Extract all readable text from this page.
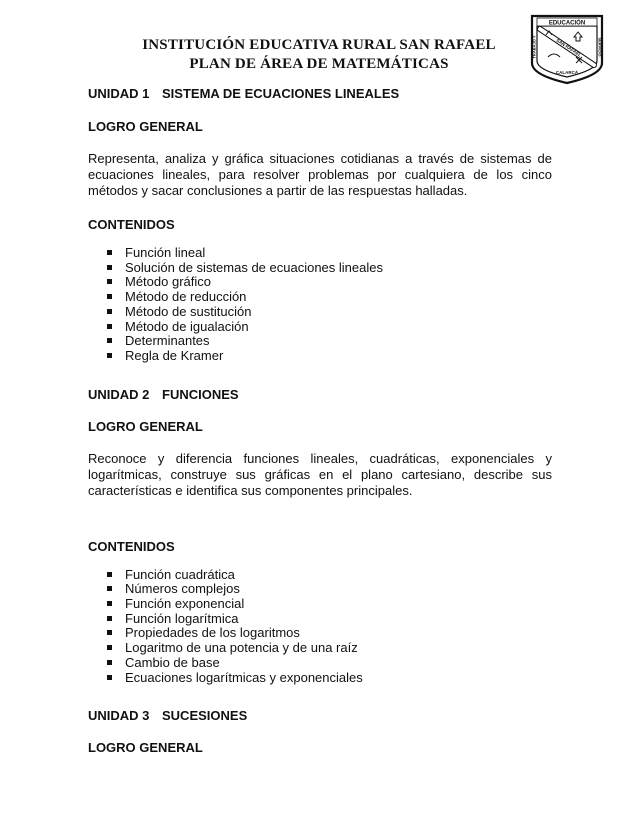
INSTITUCIÓN EDUCATIVA RURAL SAN RAFAEL
PLAN DE ÁREA DE MATEMÁTICAS
EDUCACIÓN
TRABAJO Y	SERVICIO
SAN RAFAEL
CALARCÁ
UNIDAD 1 SISTEMA DE ECUACIONES LINEALES
LOGRO GENERAL
Representa, analiza y gráfica situaciones cotidianas a través de sistemas de ecuaciones lineales, para resolver problemas por cualquiera de los cinco métodos y sacar conclusiones a partir de las respuestas halladas.
CONTENIDOS
Función lineal
Solución de sistemas de ecuaciones lineales
Método gráfico
Método de reducción
Método de sustitución
Método de igualación
Determinantes
Regla de Kramer
UNIDAD 2 FUNCIONES
LOGRO GENERAL
Reconoce y diferencia funciones lineales, cuadráticas, exponenciales y logarítmicas, construye sus gráficas en el plano cartesiano, describe sus características e identifica sus componentes principales.
CONTENIDOS
Función cuadrática
Números complejos
Función exponencial
Función logarítmica
Propiedades de los logaritmos
Logaritmo de una potencia y de una raíz
Cambio de base
Ecuaciones logarítmicas y exponenciales
UNIDAD 3 SUCESIONES
LOGRO GENERAL
